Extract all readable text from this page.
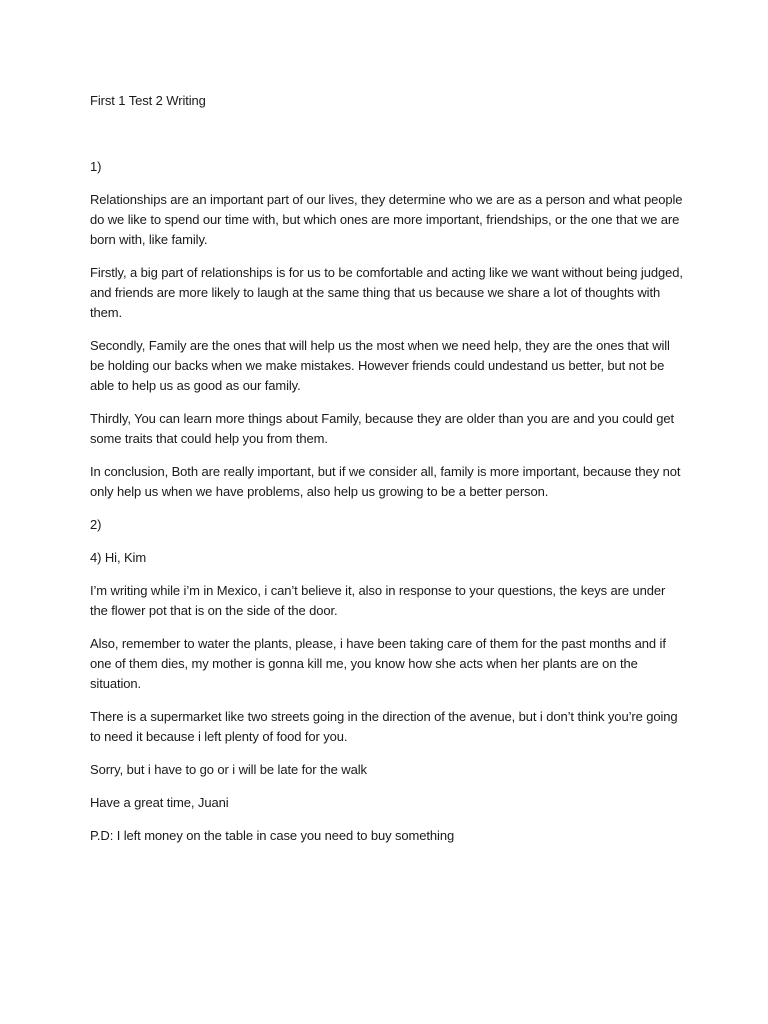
First 1 Test 2 Writing

1)

Relationships are an important part of our lives, they determine who we are as a person and what people do we like to spend our time with, but which ones are more important, friendships, or the one that we are born with, like family.

Firstly, a big part of relationships is for us to be comfortable and acting like we want without being judged, and friends are more likely to laugh at the same thing that us because we share a lot of thoughts with them.

Secondly, Family are the ones that will help us the most when we need help, they are the ones that will be holding our backs when we make mistakes. However friends could undestand us better, but not be able to help us as good as our family.

Thirdly, You can learn more things about Family, because they are older than you are and you could get some traits that could help you from them.

In conclusion, Both are really important, but if we consider all, family is more important, because they not only help us when we have problems, also help us growing to be a better person.

2)

4) Hi, Kim

I’m writing while i’m in Mexico, i can’t believe it, also in response to your questions, the keys are under the flower pot that is on the side of the door.

Also, remember to water the plants, please, i have been taking care of them for the past months and if one of them dies, my mother is gonna kill me, you know how she acts when her plants are on the situation.

There is a supermarket like two streets going in the direction of the avenue, but i don’t think you’re going to need it because i left plenty of food for you.

Sorry, but i have to go or i will be late for the walk

Have a great time, Juani

P.D: I left money on the table in case you need to buy something
